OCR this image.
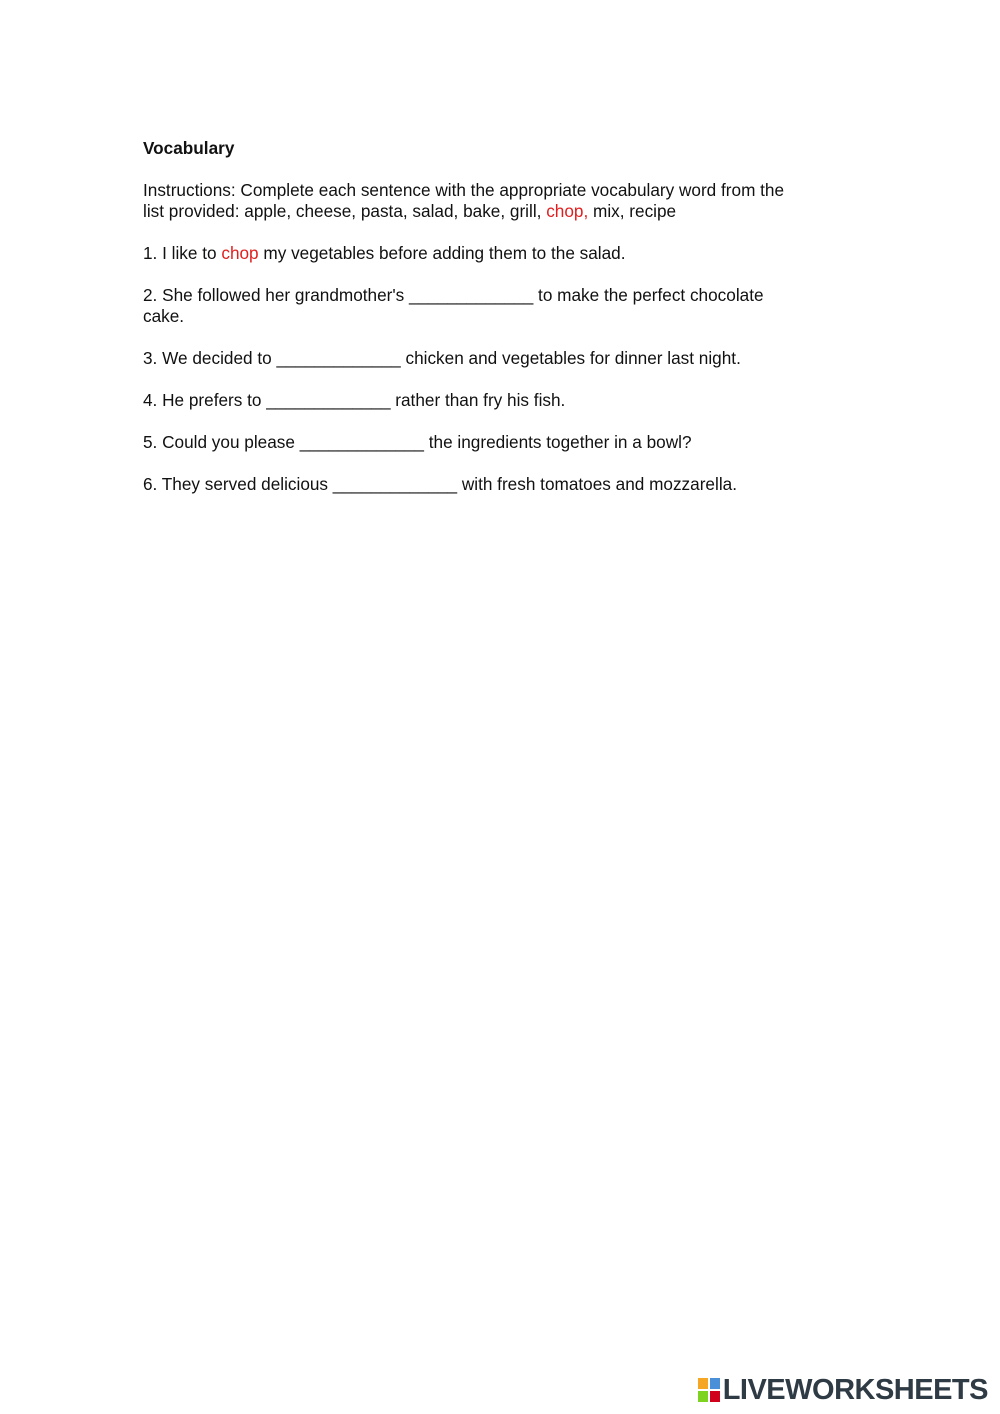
Vocabulary
Instructions: Complete each sentence with the appropriate vocabulary word from the
list provided: apple, cheese, pasta, salad, bake, grill, chop, mix, recipe
1. I like to chop my vegetables before adding them to the salad.
2. She followed her grandmother's _____________ to make the perfect chocolate
cake.
3. We decided to _____________ chicken and vegetables for dinner last night.
4. He prefers to _____________ rather than fry his fish.
5. Could you please _____________ the ingredients together in a bowl?
6. They served delicious _____________ with fresh tomatoes and mozzarella.
LIVEWORKSHEETS
